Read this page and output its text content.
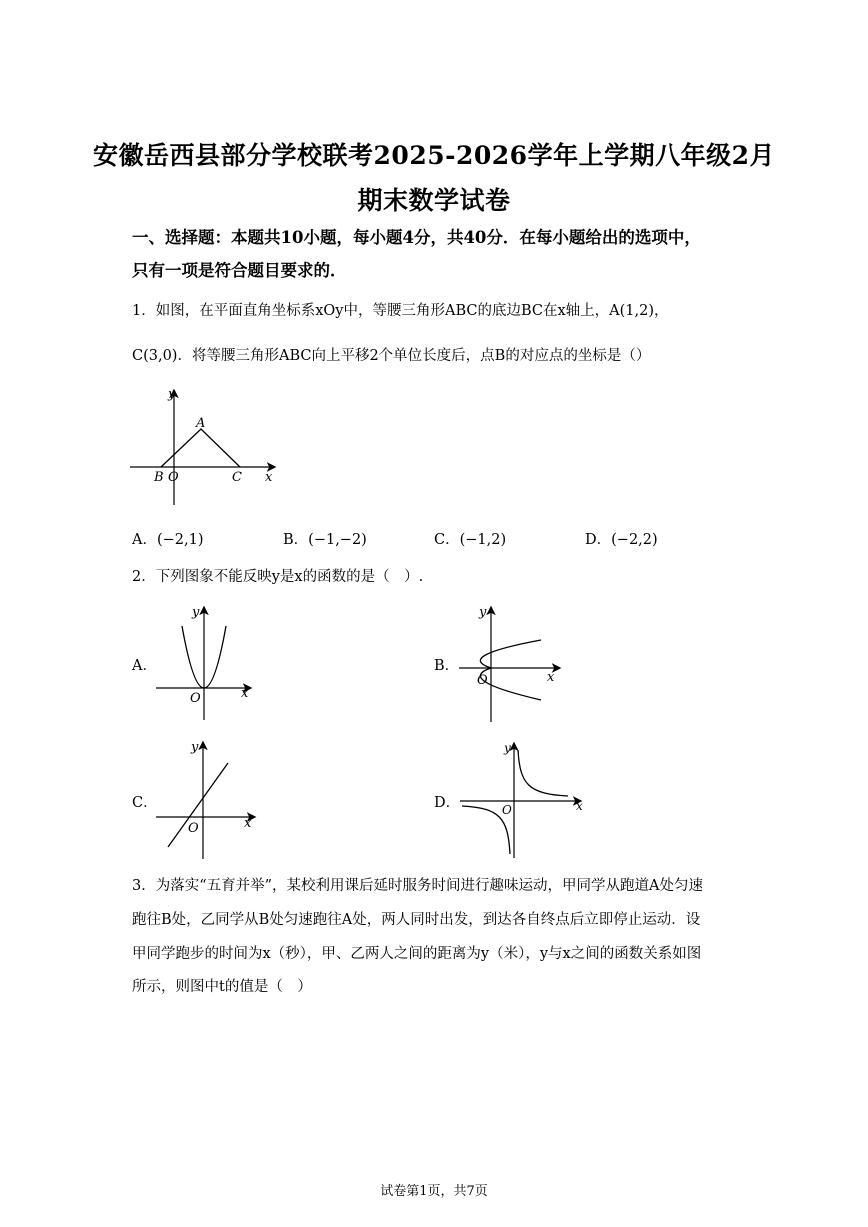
安徽岳西县部分学校联考2025-2026学年上学期八年级2月
期末数学试卷
一、选择题：本题共10小题，每小题4分，共40分．在每小题给出的选项中，
只有一项是符合题目要求的．
1．如图，在平面直角坐标系xOy中，等腰三角形ABC的底边BC在x轴上，A(1,2)，
C(3,0)．将等腰三角形ABC向上平移2个单位长度后，点B的对应点的坐标是（）
y
x
A
B O	C
A．(−2,1)	B．(−1,−2)	C．(−1,2)	D．(−2,2)
2．下列图象不能反映y是x的函数的是（　）.
A．
y
x
O
B．
y
x
O
C．
y
x
O
D．
y
x
O
3．为落实“五育并举”，某校利用课后延时服务时间进行趣味运动，甲同学从跑道A处匀速
跑往B处，乙同学从B处匀速跑往A处，两人同时出发，到达各自终点后立即停止运动．设
甲同学跑步的时间为x（秒），甲、乙两人之间的距离为y（米），y与x之间的函数关系如图
所示，则图中t的值是（　）
试卷第1页，共7页
